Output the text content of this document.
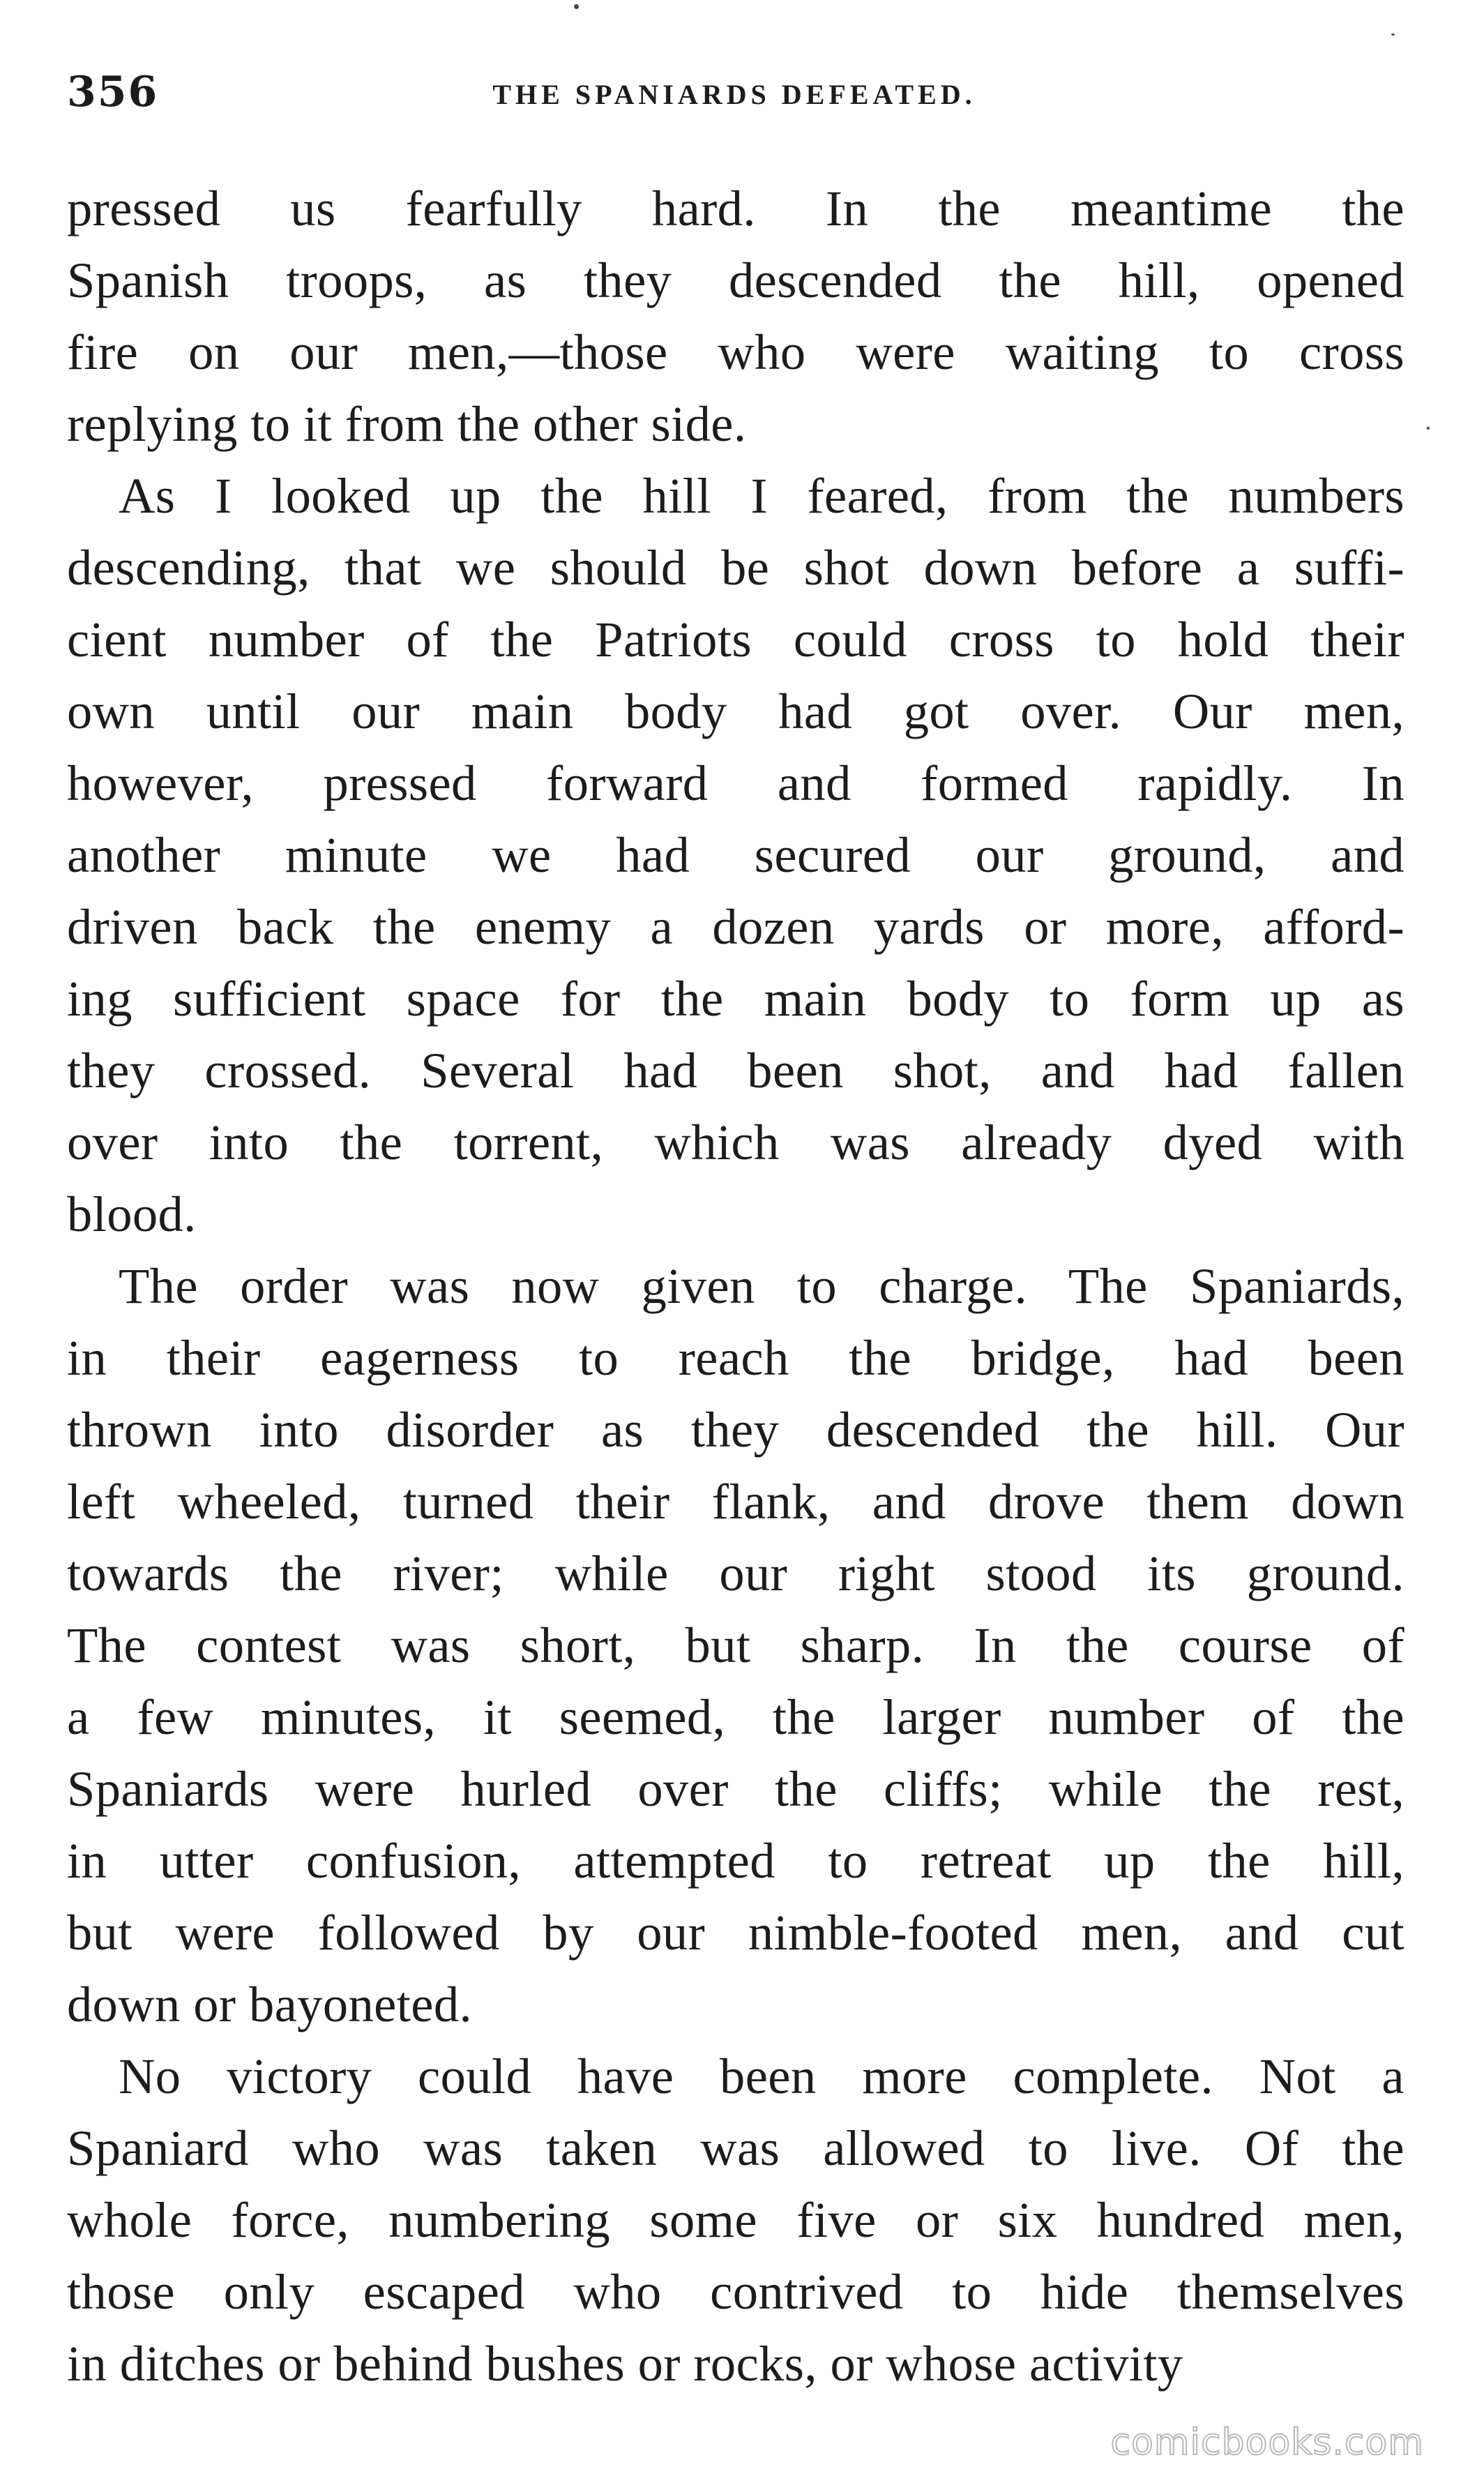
356	THE SPANIARDS DEFEATED.

pressed us fearfully hard. In the meantime the
Spanish troops, as they descended the hill, opened
fire on our men,—those who were waiting to cross
replying to it from the other side.

As I looked up the hill I feared, from the numbers
descending, that we should be shot down before a suffi-
cient number of the Patriots could cross to hold their
own until our main body had got over. Our men,
however, pressed forward and formed rapidly. In
another minute we had secured our ground, and
driven back the enemy a dozen yards or more, afford-
ing sufficient space for the main body to form up as
they crossed. Several had been shot, and had fallen
over into the torrent, which was already dyed with
blood.

The order was now given to charge. The Spaniards,
in their eagerness to reach the bridge, had been
thrown into disorder as they descended the hill. Our
left wheeled, turned their flank, and drove them down
towards the river; while our right stood its ground.
The contest was short, but sharp. In the course of
a few minutes, it seemed, the larger number of the
Spaniards were hurled over the cliffs; while the rest,
in utter confusion, attempted to retreat up the hill,
but were followed by our nimble-footed men, and cut
down or bayoneted.

No victory could have been more complete. Not a
Spaniard who was taken was allowed to live. Of the
whole force, numbering some five or six hundred men,
those only escaped who contrived to hide themselves
in ditches or behind bushes or rocks, or whose activity

comicbooks.com
